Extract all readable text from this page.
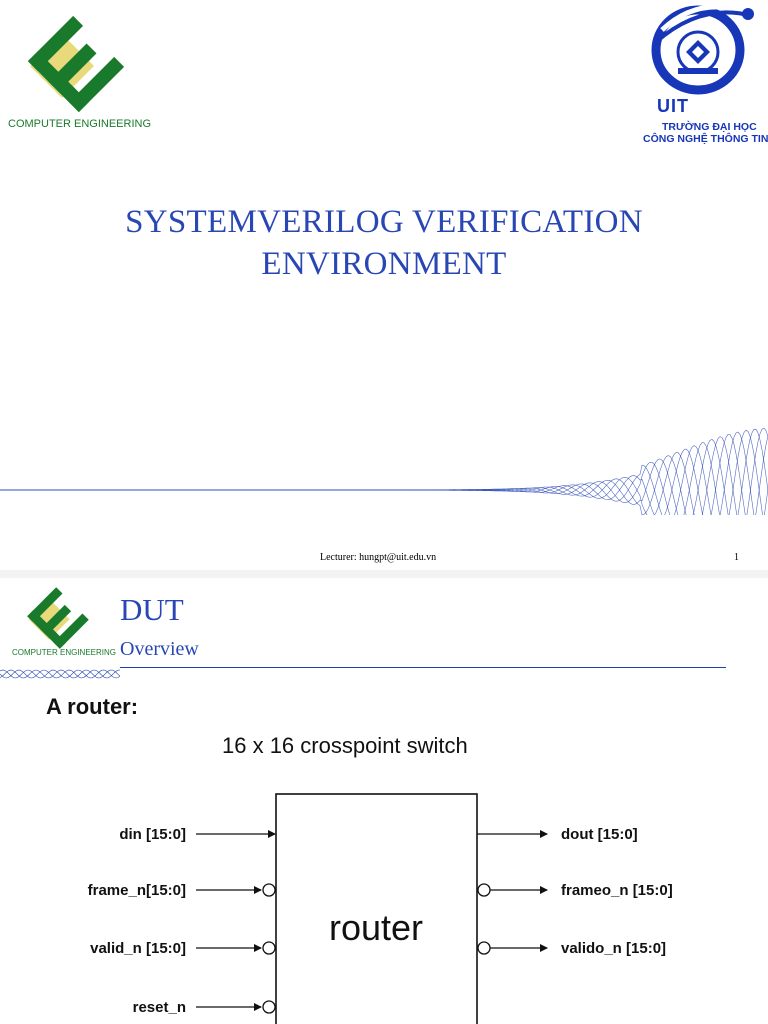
COMPUTER ENGINEERING
UIT
TRƯỜNG ĐẠI HỌC
CÔNG NGHỆ THÔNG TIN
SYSTEMVERILOG VERIFICATION
ENVIRONMENT
Lecturer: hungpt@uit.edu.vn	1
COMPUTER ENGINEERING
DUT
Overview
A router:
16 x 16 crosspoint switch
router
din [15:0]
frame_n[15:0]
valid_n [15:0]
reset_n
dout [15:0]
frameo_n [15:0]
valido_n [15:0]
